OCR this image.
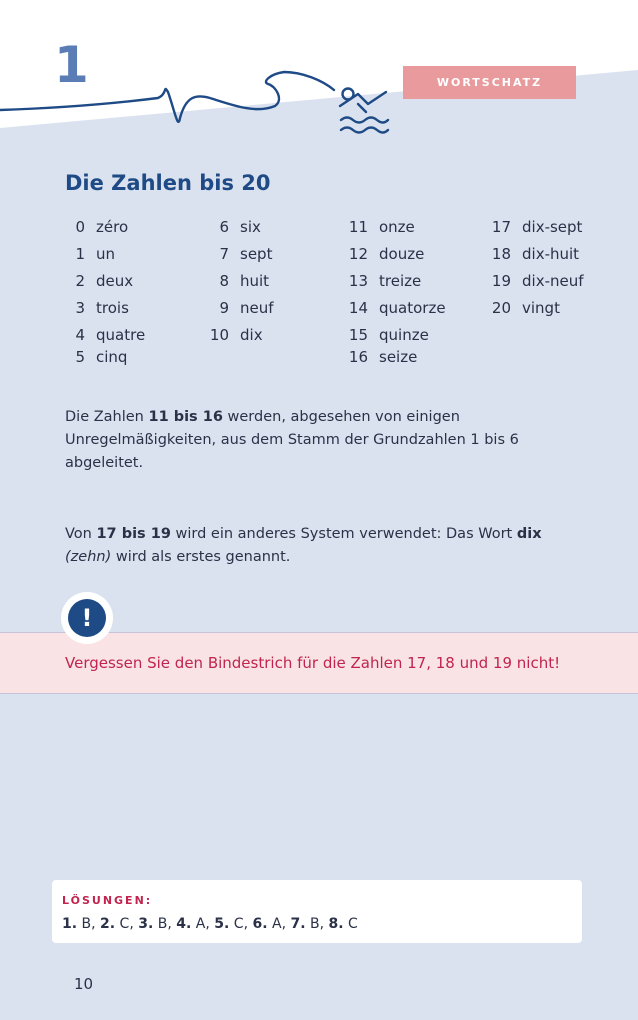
1	WORTSCHATZ
Die Zahlen bis 20
0 zéro
1 un
2 deux
3 trois
4 quatre
5 cinq
6 six
7 sept
8 huit
9 neuf
10 dix
11 onze
12 douze
13 treize
14 quatorze
15 quinze
16 seize
17 dix-sept
18 dix-huit
19 dix-neuf
20 vingt

Die Zahlen 11 bis 16 werden, abgesehen von einigen Unregelmäßigkeiten, aus dem Stamm der Grundzahlen 1 bis 6 abgeleitet.

Von 17 bis 19 wird ein anderes System verwendet: Das Wort dix (zehn) wird als erstes genannt.

!
Vergessen Sie den Bindestrich für die Zahlen 17, 18 und 19 nicht!
LÖSUNGEN:
1. B, 2. C, 3. B, 4. A, 5. C, 6. A, 7. B, 8. C
10
